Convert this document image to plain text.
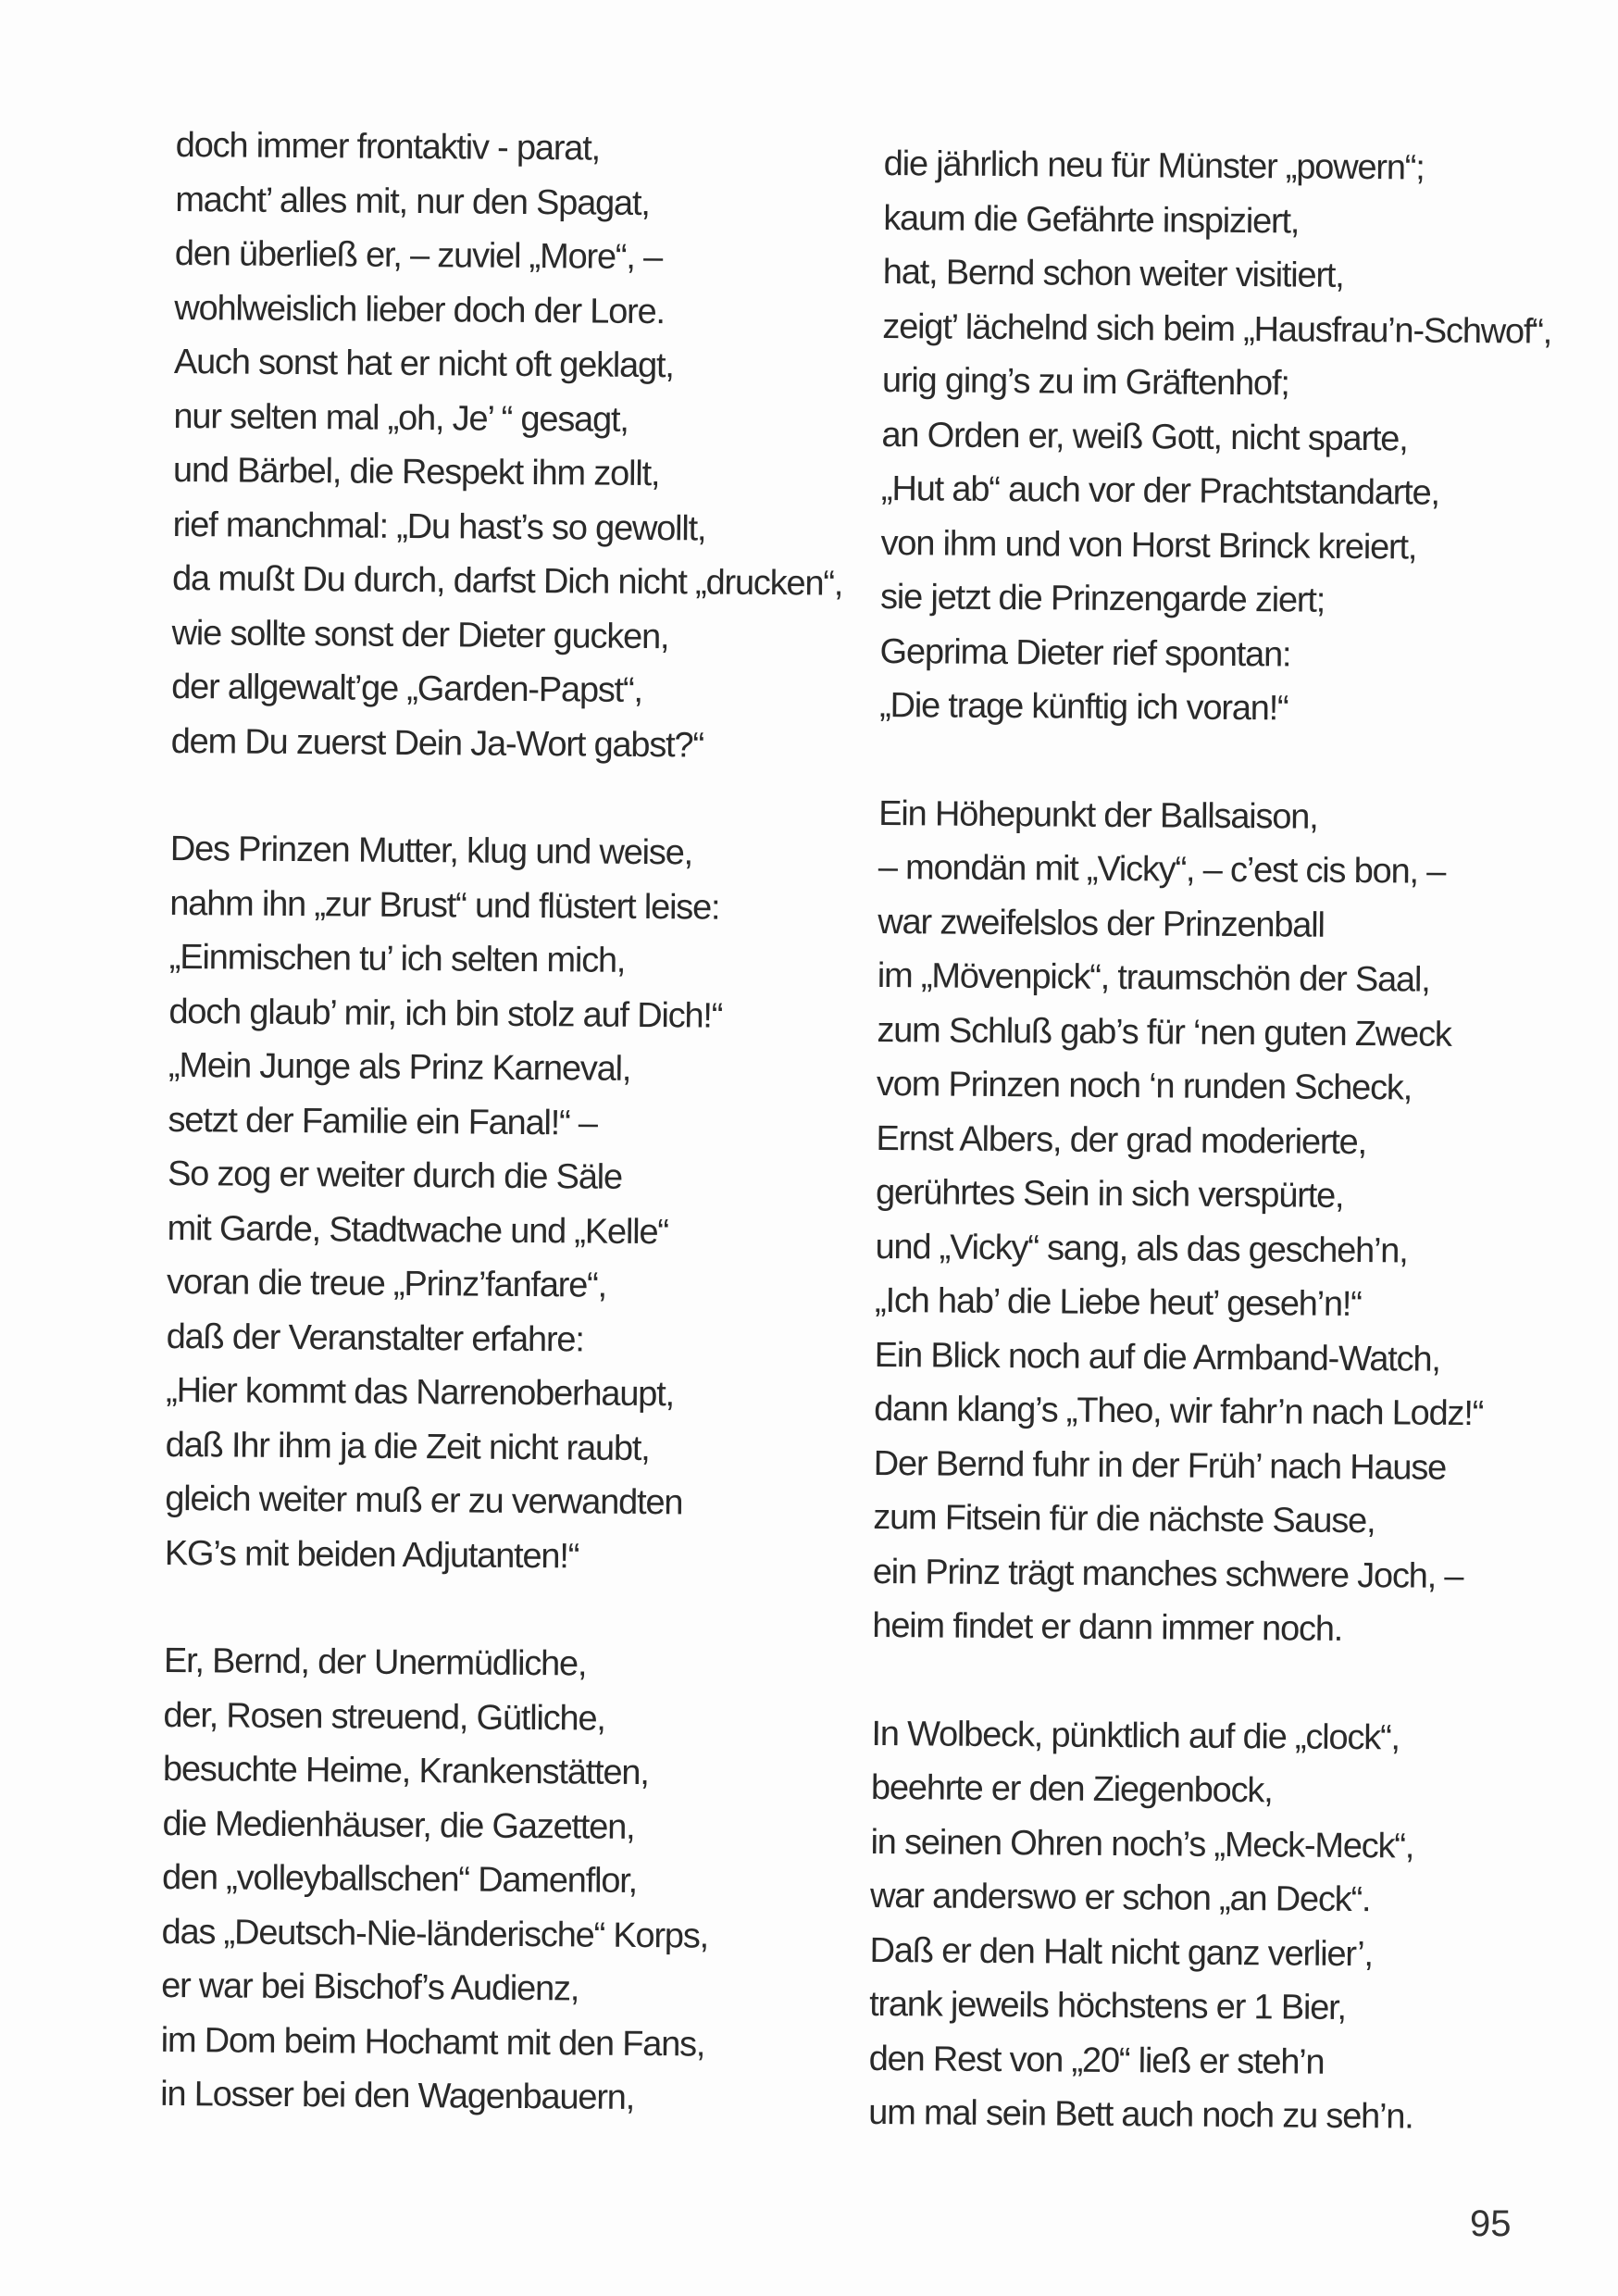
doch immer frontaktiv - parat,
macht’ alles mit, nur den Spagat,
den überließ er, – zuviel „More“, –
wohlweislich lieber doch der Lore.
Auch sonst hat er nicht oft geklagt,
nur selten mal „oh, Je’ “ gesagt,
und Bärbel, die Respekt ihm zollt,
rief manchmal: „Du hast’s so gewollt,
da mußt Du durch, darfst Dich nicht „drucken“,
wie sollte sonst der Dieter gucken,
der allgewalt’ge „Garden-Papst“,
dem Du zuerst Dein Ja-Wort gabst?“
Des Prinzen Mutter, klug und weise,
nahm ihn „zur Brust“ und flüstert leise:
„Einmischen tu’ ich selten mich,
doch glaub’ mir, ich bin stolz auf Dich!“
„Mein Junge als Prinz Karneval,
setzt der Familie ein Fanal!“ –
So zog er weiter durch die Säle
mit Garde, Stadtwache und „Kelle“
voran die treue „Prinz’fanfare“,
daß der Veranstalter erfahre:
„Hier kommt das Narrenoberhaupt,
daß Ihr ihm ja die Zeit nicht raubt,
gleich weiter muß er zu verwandten
KG’s mit beiden Adjutanten!“
Er, Bernd, der Unermüdliche,
der, Rosen streuend, Gütliche,
besuchte Heime, Krankenstätten,
die Medienhäuser, die Gazetten,
den „volleyballschen“ Damenflor,
das „Deutsch-Nie-länderische“ Korps,
er war bei Bischof’s Audienz,
im Dom beim Hochamt mit den Fans,
in Losser bei den Wagenbauern,
die jährlich neu für Münster „powern“;
kaum die Gefährte inspiziert,
hat, Bernd schon weiter visitiert,
zeigt’ lächelnd sich beim „Hausfrau’n-Schwof“,
urig ging’s zu im Gräftenhof;
an Orden er, weiß Gott, nicht sparte,
„Hut ab“ auch vor der Prachtstandarte,
von ihm und von Horst Brinck kreiert,
sie jetzt die Prinzengarde ziert;
Geprima Dieter rief spontan:
„Die trage künftig ich voran!“
Ein Höhepunkt der Ballsaison,
– mondän mit „Vicky“, – c’est cis bon, –
war zweifelslos der Prinzenball
im „Mövenpick“, traumschön der Saal,
zum Schluß gab’s für ‘nen guten Zweck
vom Prinzen noch ‘n runden Scheck,
Ernst Albers, der grad moderierte,
gerührtes Sein in sich verspürte,
und „Vicky“ sang, als das gescheh’n,
„Ich hab’ die Liebe heut’ geseh’n!“
Ein Blick noch auf die Armband-Watch,
dann klang’s „Theo, wir fahr’n nach Lodz!“
Der Bernd fuhr in der Früh’ nach Hause
zum Fitsein für die nächste Sause,
ein Prinz trägt manches schwere Joch, –
heim findet er dann immer noch.
In Wolbeck, pünktlich auf die „clock“,
beehrte er den Ziegenbock,
in seinen Ohren noch’s „Meck-Meck“,
war anderswo er schon „an Deck“.
Daß er den Halt nicht ganz verlier’,
trank jeweils höchstens er 1 Bier,
den Rest von „20“ ließ er steh’n
um mal sein Bett auch noch zu seh’n.
95
